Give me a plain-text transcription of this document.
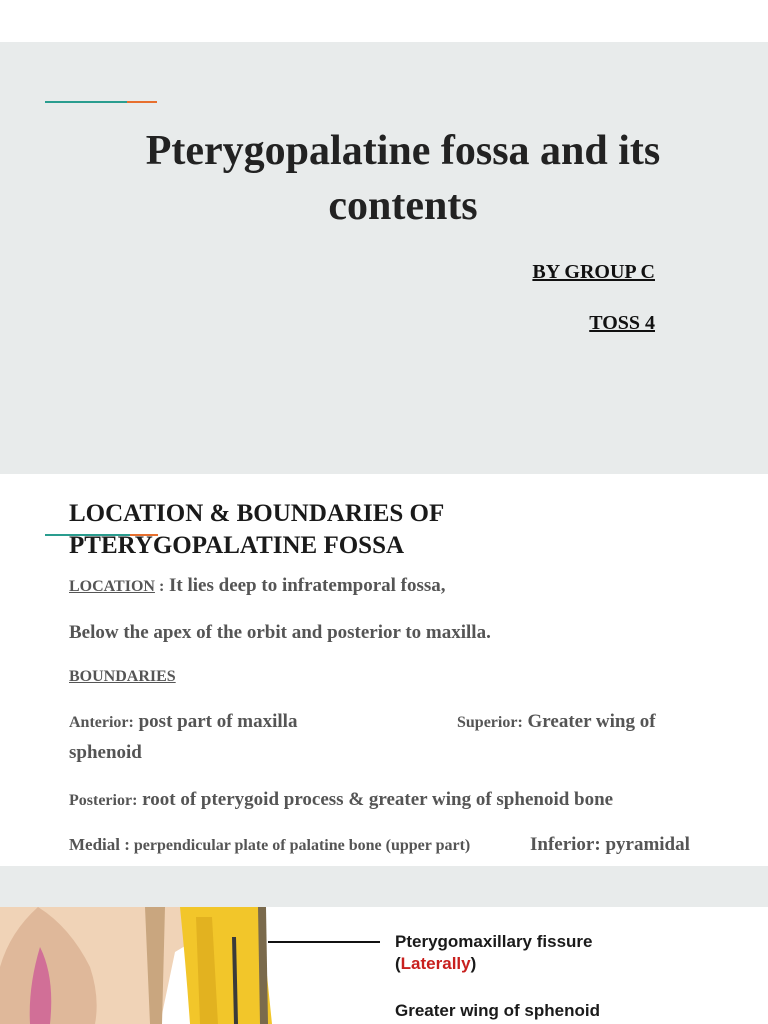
Pterygopalatine fossa and its contents
BY GROUP C
TOSS 4
LOCATION & BOUNDARIES OF PTERYGOPALATINE FOSSA
LOCATION : It lies deep to infratemporal fossa,
Below the apex of the orbit and posterior to maxilla.
BOUNDARIES
Anterior: post part of maxilla	Superior: Greater wing of
sphenoid
Posterior: root of pterygoid process & greater wing of sphenoid bone
Medial : perpendicular plate of palatine bone (upper part)	Inferior: pyramidal
Pterygomaxillary fissure
(Laterally)
Greater wing of sphenoid
